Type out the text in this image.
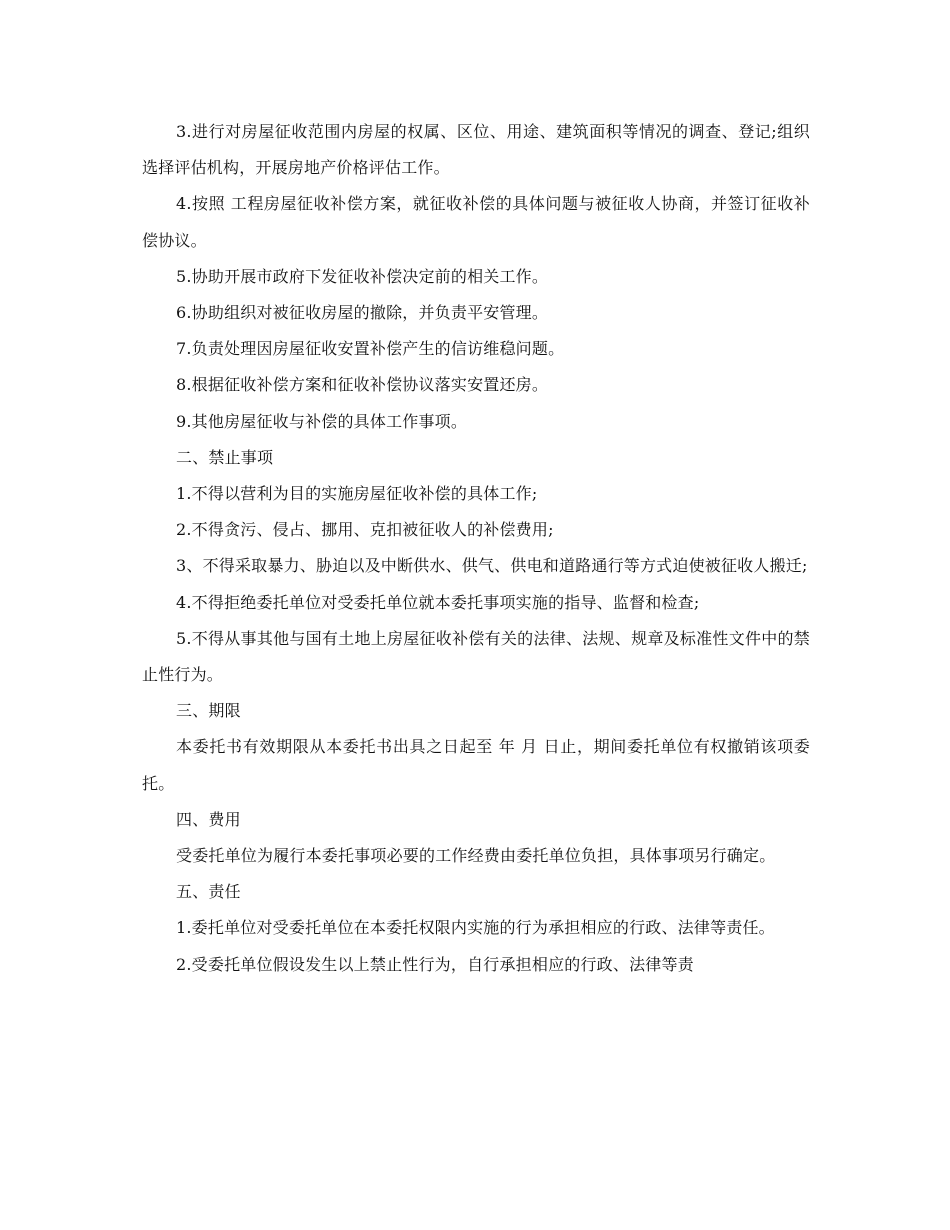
3.进行对房屋征收范围内房屋的权属、区位、用途、建筑面积等情况的调查、登记;组织选择评估机构，开展房地产价格评估工作。

4.按照 工程房屋征收补偿方案，就征收补偿的具体问题与被征收人协商，并签订征收补偿协议。

5.协助开展市政府下发征收补偿决定前的相关工作。

6.协助组织对被征收房屋的撤除，并负责平安管理。

7.负责处理因房屋征收安置补偿产生的信访维稳问题。

8.根据征收补偿方案和征收补偿协议落实安置还房。

9.其他房屋征收与补偿的具体工作事项。

二、禁止事项

1.不得以营利为目的实施房屋征收补偿的具体工作;

2.不得贪污、侵占、挪用、克扣被征收人的补偿费用;

3、不得采取暴力、胁迫以及中断供水、供气、供电和道路通行等方式迫使被征收人搬迁;

4.不得拒绝委托单位对受委托单位就本委托事项实施的指导、监督和检查;

5.不得从事其他与国有土地上房屋征收补偿有关的法律、法规、规章及标准性文件中的禁止性行为。

三、期限

本委托书有效期限从本委托书出具之日起至 年 月 日止，期间委托单位有权撤销该项委托。

四、费用

受委托单位为履行本委托事项必要的工作经费由委托单位负担，具体事项另行确定。

五、责任

1.委托单位对受委托单位在本委托权限内实施的行为承担相应的行政、法律等责任。

2.受委托单位假设发生以上禁止性行为，自行承担相应的行政、法律等责
